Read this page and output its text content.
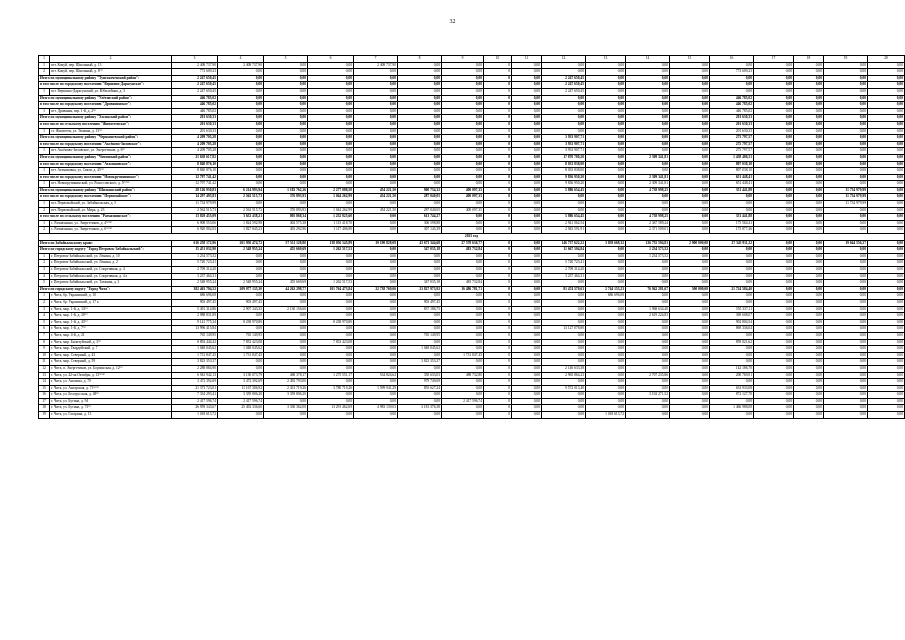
32
1	2	3	4	5	6	7	8	9	10	11	12	13	14	15	16	17	18	19	20
1	пгт. Кокуй, пер. Школьный, д. 13	2 408 737,90	2 408 737,90	0,00	0,00	2 408 737,90	0,00	0,00	0	0,00	0,00	0,00	0,00	0,00	0,00	0,00	0,00	0,00	0,00
2	пгт. Кокуй, пер. Школьный, д. 8⁽¹⁾	773 609,23	0,00	0,00	0,00	0,00	0,00	0,00	0	0,00	0,00	0,00	0,00	0,00	773 609,23	0,00	0,00	0,00	0,00
Итого по муниципальному району "Тунгокоченский район":		2 247 650,45	0,00	0,00	0,00	0,00	0,00	0,00	0	0,00	2 247 650,45	0,00	0,00	0,00	0,00	0,00	0,00	0,00	0,00
в том числе по городскому поселению "Вершино-Дарасунское":		2 247 650,45	0,00	0,00	0,00	0,00	0,00	0,00	0	0,00	2 247 650,45	0,00	0,00	0,00	0,00	0,00	0,00	0,00	0,00
1	пгт. Вершино-Дарасунский, ул. Юбилейная, д. 3	2 247 650,45	0,00	0,00	0,00	0,00	0,00	0,00	0	0,00	2 247 650,45	0,00	0,00	0,00	0,00	0,00	0,00	0,00	0,00
Итого по муниципальному району "Улётовский район":		446 785,02	0,00	0,00	0,00	0,00	0,00	0,00	0	0,00	0,00	0,00	0,00	0,00	446 785,02	0,00	0,00	0,00	0,00
в том числе по городскому поселению "Дровянинское":		446 785,02	0,00	0,00	0,00	0,00	0,00	0,00	0	0,00	0,00	0,00	0,00	0,00	446 785,02	0,00	0,00	0,00	0,00
1	пгт. Дровяная, пер. 1-й, д. 2⁽¹⁾	446 785,02	0,00	0,00	0,00	0,00	0,00	0,00	0	0,00	0,00	0,00	0,00	0,00	446 785,02	0,00	0,00	0,00	0,00
Итого по муниципальному району "Хилокский район":		201 630,33	0,00	0,00	0,00	0,00	0,00	0,00	0	0,00	0,00	0,00	0,00	0,00	201 630,33	0,00	0,00	0,00	0,00
в том числе по сельскому поселению "Жипхегенское":		201 630,33	0,00	0,00	0,00	0,00	0,00	0,00	0	0,00	0,00	0,00	0,00	0,00	201 630,33	0,00	0,00	0,00	0,00
1	ст. Жипхеген, ул. Тюнина, д. 13⁽¹⁾	201 630,33	0,00	0,00	0,00	0,00	0,00	0,00	0	0,00	0,00	0,00	0,00	0,00	201 630,33	0,00	0,00	0,00	0,00
Итого по муниципальному району "Чернышевский район":		4 209 705,28	0,00	0,00	0,00	0,00	0,00	0,00	0	0,00	3 933 907,71	0,00	0,00	0,00	275 797,57	0,00	0,00	0,00	0,00
в том числе по городскому поселению "Аксёново-Зиловское":		4 209 705,28	0,00	0,00	0,00	0,00	0,00	0,00	0	0,00	3 933 907,71	0,00	0,00	0,00	275 797,57	0,00	0,00	0,00	0,00
1	пгт. Аксёново-Зиловское, ул. Энергетиков, д. 6⁽¹⁾	4 209 705,28	0,00	0,00	0,00	0,00	0,00	0,00	0	0,00	3 933 907,71	0,00	0,00	0,00	275 797,57	0,00	0,00	0,00	0,00
Итого по муниципальному району "Читинский район":		21 638 617,82	0,00	0,00	0,00	0,00	0,00	0,00	0	0,00	17 870 780,20	0,00	2 309 341,81	0,00	1 458 486,51	0,00	0,00	0,00	0,00
в том числе по городскому поселению "Атамановское":		8 840 876,10	0,00	0,00	0,00	0,00	0,00	0,00	0	0,00	8 033 838,00	0,00	0,00	0,00	807 038,10	0,00	0,00	0,00	0,00
1	пгт. Атамановка, ул. Связи, д. 45⁽¹⁾	8 840 876,10	0,00	0,00	0,00	0,00	0,00	0,00	0	0,00	8 033 838,00	0,00	0,00	0,00	807 038,10	0,00	0,00	0,00	0,00
в том числе по городскому поселению "Новокручининское":		12 797 741,42	0,00	0,00	0,00	0,00	0,00	0,00	0	0,00	9 836 950,20	0,00	2 309 341,81	0,00	651 448,41	0,00	0,00	0,00	0,00
1	пгт. Новокручининский, ул. Рокоссовского, д. 5⁽¹⁾⁽⁸⁾	12 797 741,42	0,00	0,00	0,00	0,00	0,00	0,00	0	0,00	9 836 950,20	0,00	2 309 341,81	0,00	651 448,41	0,00	0,00	0,00	0,00
Итого по муниципальному району "Шилкинский район":		28 126 950,83	6 214 993,94	1 182 762,26	2 277 088,50	454 221,50	900 734,32	400 097,35	0	0,00	5 886 654,45	0,00	4 738 998,25	0,00	351 441,88	0,00	0,00	11 734 979,99	0,00
в том числе по городскому поселению "Первомайское":		14 297 495,83	2 562 515,73	376 893,93	1 044 262,99	454 221,50	287 040,05	400 097,35	0	0,00	0,00	0,00	0,00	0,00	0,00	0,00	0,00	11 734 979,99	0,00
1	пгт. Первомайский, ул. Забайкальская, д. 5	11 734 979,99	0,00	0,00	0,00	0,00	0,00	0,00	0	0,00	0,00	0,00	0,00	0,00	0,00	0,00	0,00	11 734 979,99	0,00
2	пгт. Первомайский, ул. Мира, д. 23	2 562 515,73	2 562 515,73	376 893,93	1 044 262,99	454 221,50	287 040,05	400 097,35	0	0,00	0,00	0,00	0,00	0,00	0,00	0,00	0,00	0,00	0,00
в том числе по сельскому поселению "Размахнинское":		13 829 455,09	3 652 438,21	805 868,34	1 232 825,60	0,00	613 744,27	0,00	0	0,00	5 886 654,45	0,00	4 738 998,25	0,00	351 441,88	0,00	0,00	0,00	0,00
1	с. Размахнино, ул. Энергетиков, д. 4⁽¹⁾⁽⁸⁾	6 908 553,06	1 824 592,98	402 575,38	1 115 418,70	0,00	306 598,88	0,00	0	0,00	2 941 062,54	0,00	2 367 589,24	0,00	175 564,41	0,00	0,00	0,00	0,00
2	с. Размахнино, ул. Энергетиков, д. 6⁽¹⁾⁽⁸⁾	6 920 902,03	1 827 845,23	403 292,96	1 117 406,90	0,00	307 145,39	0,00	0	0,00	2 945 591,91	0,00	2 371 509,01	0,00	175 877,46	0,00	0,00	0,00	0,00
2025 год																			
Итого по Забайкальскому краю:		616 258 172,96	201 950 474,72	57 511 128,80	138 056 545,89	39 190 828,09	43 673 344,68	27 578 636,77	0	0,00	146 737 622,22	3 859 668,32	126 735 594,81	2 900 000,00	27 345 911,22	0,00	0,00	19 644 556,27	0,00
Итого по городскому округу "Город Петровск-Забайкальский":		15 451 032,90	2 548 955,24	455 669,69	1 262 517,53	0,00	347 035,18	483 732,84	0	0,00	11 667 504,84	0,00	1 234 573,52	0,00	0,00	0,00	0,00	0,00	0,00
1	г. Петровск-Забайкальский, ул. Ленина, д. 10	1 234 573,52	0,00	0,00	0,00	0,00	0,00	0,00	0	0,00	0,00	0,00	1 234 573,52	0,00	0,00	0,00	0,00	0,00	0,00
2	г. Петровск-Забайкальский, ул. Ленина, д. 2	5 720 723,41	0,00	0,00	0,00	0,00	0,00	0,00	0	0,00	5 720 723,41	0,00	0,00	0,00	0,00	0,00	0,00	0,00	0,00
3	г. Петровск-Забайкальский, ул. Спортивная, д. 4	2 709 314,20	0,00	0,00	0,00	0,00	0,00	0,00	0	0,00	2 709 314,20	0,00	0,00	0,00	0,00	0,00	0,00	0,00	0,00
4	г. Петровск-Забайкальский, ул. Спортивная, д. 4 а	3 237 464,31	0,00	0,00	0,00	0,00	0,00	0,00	0	0,00	3 237 464,31	0,00	0,00	0,00	0,00	0,00	0,00	0,00	0,00
5	г. Петровск-Забайкальский, ул. Таежная, д. 3	2 548 955,24	2 548 955,24	455 669,69	1 262 517,53	0,00	347 035,18	483 732,84	0	0,00	0,00	0,00	0,00	0,00	0,00	0,00	0,00	0,00	0,00
Итого по городскому округу "Город Чита":		382 463 794,52	209 077 135,30	44 262 298,77	101 764 473,84	22 738 769,06	23 827 973,92	16 486 781,71	0	0,00	81 474 570,63	2 744 153,23	76 942 281,67	500 000,00	21 724 584,40	0,00	0,00	0,00	0,00
1	г. Чита, бр. Украинский, д. 10	686 696,08	0,00	0,00	0,00	0,00	0,00	0,00	0	0,00	0,00	686 696,08	0,00	0,00	0,00	0,00	0,00	0,00	0,00
2	г. Чита, бр. Украинский, д. 17 а	903 497,45	903 497,45	0,00	0,00	0,00	903 497,45	0,00	0	0,00	0,00	0,00	0,00	0,00	0,00	0,00	0,00	0,00	0,00
3	г. Чита, мкр. 1-й, д. 14⁽¹⁾	5 491 314,86	2 907 343,35	2 130 156,60	0,00	0,00	837 186,75	0,00	0	0,00	0,00	0,00	1 968 634,40	0,00	555 337,11	0,00	0,00	0,00	0,00
4	г. Чита, мкр. 1-й, д. 20⁽¹⁾	2 988 831,89	0,00	0,00	0,00	0,00	0,00	0,00	0	0,00	0,00	0,00	2 619 224,83	0,00	369 608,07	0,00	0,00	0,00	0,00
5	г. Чита, мкр. 1-й, д. 43⁽¹⁾	9 141 775,34	8 238 970,80	0,00	8 238 970,80	0,00	0,00	0,00	0	0,00	0,00	0,00	0,00	0,00	902 804,54	0,00	0,00	0,00	0,00
6	г. Чита, мкр. 1-й, д. 7⁽¹⁾	13 996 415,84	0,00	0,00	0,00	0,00	0,00	0,00	0	0,00	13 127 078,80	0,00	0,00	0,00	869 336,04	0,00	0,00	0,00	0,00
7	г. Чита, мкр. 4-й, д. 21	765 149,95	765 149,95	0,00	0,00	0,00	765 149,95	0,00	0	0,00	0,00	0,00	0,00	0,00	0,00	0,00	0,00	0,00	0,00
8	г. Чита, мкр. Билитуйский, д. 3⁽¹⁾	8 892 444,42	7 833 423,08	0,00	7 833 423,08	0,00	0,00	0,00	0	0,00	0,00	0,00	0,00	0,00	859 021,62	0,00	0,00	0,00	0,00
9	г. Чита, мкр. Гвардейский, д. 7	1 048 045,62	1 048 045,62	0,00	0,00	0,00	1 048 045,62	0,00	0	0,00	0,00	0,00	0,00	0,00	0,00	0,00	0,00	0,00	0,00
10	г. Чита, мкр. Северный, д. 43	1 731 847,45	1 731 847,45	0,00	0,00	0,00	0,00	1 731 847,45	0	0,00	0,00	0,00	0,00	0,00	0,00	0,00	0,00	0,00	0,00
11	г. Чита, мкр. Северный, д. 59	3 823 353,37	0,00	0,00	0,00	0,00	3 823 353,37	0,00	0	0,00	0,00	0,00	0,00	0,00	0,00	0,00	0,00	0,00	0,00
12	г. Чита, п. Энергетиков, ул. Борзинская, д. 12⁽¹⁾	2 288 884,90	0,00	0,00	0,00	0,00	0,00	0,00	0	0,00	2 146 633,38	0,00	0,00	0,00	142 186,70	0,00	0,00	0,00	0,00
13	г. Чита, ул. 42-ая Октября, д. 13⁽¹⁾⁽⁸⁾	6 943 942,13	3 130 073,79	468 378,17	1 275 551,17	534 824,62	350 633,03	488 732,80	0	0,00	2 965 864,23	0,00	2 707 235,86	0,00	200 769,01	0,00	0,00	0,00	0,00
14	г. Чита, ул. Анохина, д. 70	3 472 392,69	3 472 392,69	2 492 793,00	0,00	0,00	979 749,69	0,00	0	0,00	0,00	0,00	0,00	0,00	0,00	0,00	0,00	0,00	0,00
15	г. Чита, ул. Ангарская, д. 71⁽¹⁾⁽³⁾	21 373 723,01	11 167 306,92	2 431 719,26	3 780 719,26	1 599 941,29	855 627,24	0,00	0	0,00	9 572 013,40	0,00	0,00	0,00	633 933,08	0,00	0,00	0,00	0,00
16	г. Чита, ул. Белорусская, д. 48⁽¹⁾	7 334 293,41	3 359 806,20	3 359 806,20	0,00	0,00	0,00	0,00	0	0,00	0,00	0,00	3 102 271,52	0,00	872 127,70	0,00	0,00	0,00	0,00
17	г. Чита, ул. Бутина, д. 94	2 417 596,74	2 417 596,74	0,00	0,00	0,00	0,00	2 417 596,74	0	0,00	0,00	0,00	0,00	0,00	0,00	0,00	0,00	0,00	0,00
18	г. Чита, ул. Бутина, д. 73⁽¹⁾	26 959 343,67	25 492 336,60	3 330 362,00	13 291 462,69	4 983 139,03	3 181 376,38	0,00	0	0,00	0,00	0,00	0,00	0,00	1 466 988,08	0,00	0,00	0,00	0,00
19	г. Чита, ул. Гагарина, д. 13	1 018 613,72	0,00	0,00	0,00	0,00	0,00	0,00	0	0,00	0,00	1 018 613,72	0,00	0,00	0,00	0,00	0,00	0,00	0,00
